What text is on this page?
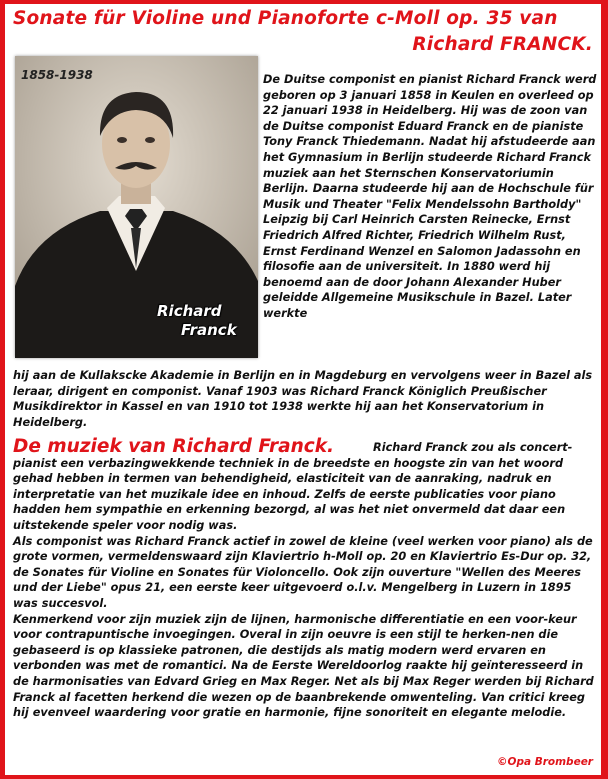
Sonate für Violine und Pianoforte c-Moll op. 35 van
Richard FRANCK.
1858-1938
Richard
Franck

De Duitse componist en pianist Richard Franck werd geboren op 3 januari 1858 in Keulen en overleed op 22 januari 1938 in Heidelberg. Hij was de zoon van de Duitse componist Eduard Franck en de pianiste Tony Franck Thiedemann. Nadat hij afstudeerde aan het Gymnasium in Berlijn studeerde Richard Franck muziek aan het Sternschen Konservatoriumin Berlijn. Daarna studeerde hij aan de Hochschule für Musik und Theater "Felix Mendelssohn Bartholdy" Leipzig bij Carl Heinrich Carsten Reinecke, Ernst Friedrich Alfred Richter, Friedrich Wilhelm Rust, Ernst Ferdinand Wenzel en Salomon Jadassohn en filosofie aan de universiteit. In 1880 werd hij benoemd aan de door Johann Alexander Huber geleidde Allgemeine Musikschule in Bazel. Later werkte

hij aan de Kullakscke Akademie in Berlijn en in Magdeburg en vervolgens weer in Bazel als leraar, dirigent en componist. Vanaf 1903 was Richard Franck Königlich Preußischer Musikdirektor in Kassel en van 1910 tot 1938 werkte hij aan het Konservatorium in Heidelberg.

De muziek van Richard Franck.	Richard Franck zou als concert-pianist een verbazingwekkende techniek in de breedste en hoogste zin van het woord gehad hebben in termen van behendigheid, elasticiteit van de aanraking, nadruk en interpretatie van het muzikale idee en inhoud. Zelfs de eerste publicaties voor piano hadden hem sympathie en erkenning bezorgd, al was het niet onvermeld dat daar een uitstekende speler voor nodig was.

Als componist was Richard Franck actief in zowel de kleine (veel werken voor piano) als de grote vormen, vermeldenswaard zijn Klaviertrio h-Moll op. 20 en Klaviertrio Es-Dur op. 32, de Sonates für Violine en Sonates für Violoncello. Ook zijn ouverture "Wellen des Meeres und der Liebe" opus 21, een eerste keer uitgevoerd o.l.v. Mengelberg in Luzern in 1895 was succesvol.

Kenmerkend voor zijn muziek zijn de lijnen, harmonische differentiatie en een voor-keur voor contrapuntische invoegingen. Overal in zijn oeuvre is een stijl te herken-nen die gebaseerd is op klassieke patronen, die destijds als matig modern werd ervaren en verbonden was met de romantici. Na de Eerste Wereldoorlog raakte hij geïnteresseerd in de harmonisaties van Edvard Grieg en Max Reger. Net als bij Max Reger werden bij Richard Franck al facetten herkend die wezen op de baanbrekende omwenteling. Van critici kreeg hij evenveel waardering voor gratie en harmonie, fijne sonoriteit en elegante melodie.

©Opa Brombeer
